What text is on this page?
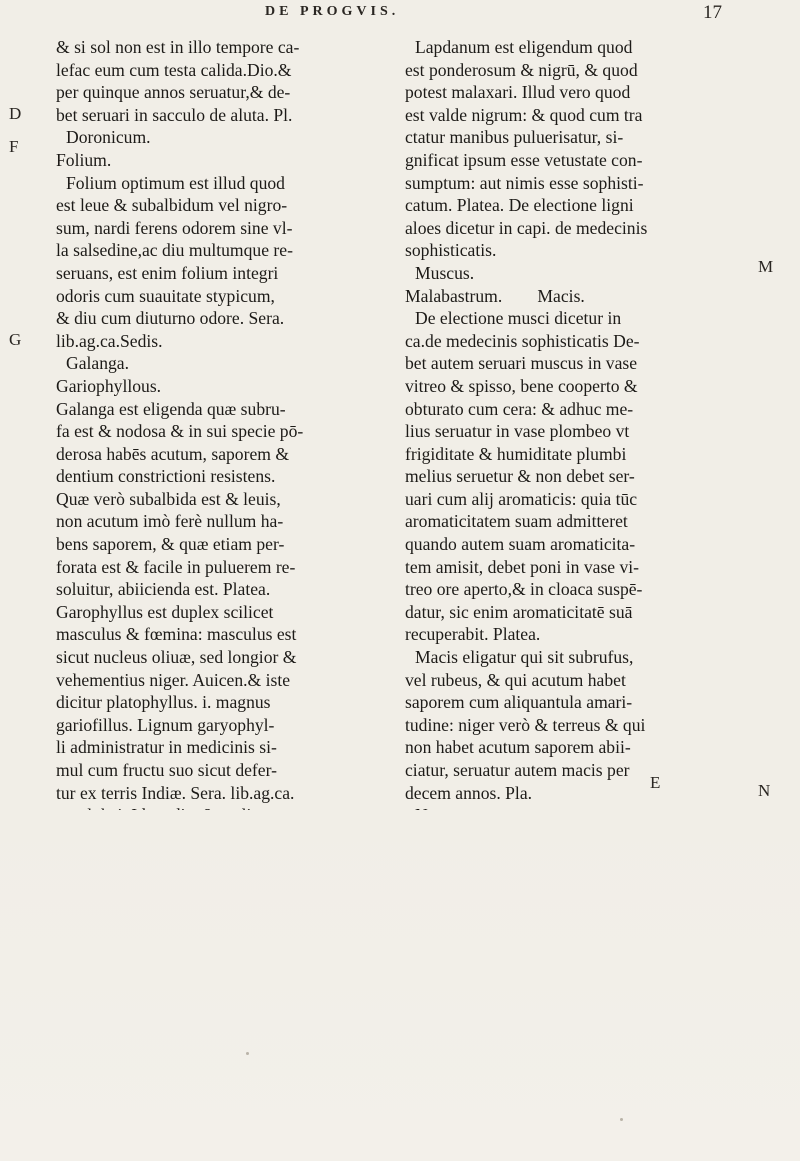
DE PROGVIS.	17
D
F
G
M
N
& si sol non est in illo tempore ca-
lefac eum cum testa calida.Dio.&
per quinque annos seruatur,& de-
bet seruari in sacculo de aluta. Pl.
Doronicum.
Folium.
Folium optimum est illud quod
est leue & subalbidum vel nigro-
sum, nardi ferens odorem sine vl-
la salsedine,ac diu multumque re-
seruans, est enim folium integri
odoris cum suauitate stypicum,
& diu cum diuturno odore. Sera.
lib.ag.ca.Sedis.
Galanga.
Gariophyllous.
Galanga est eligenda quæ subru-
fa est & nodosa & in sui specie pō-
derosa habēs acutum, saporem &
dentium constrictioni resistens.
Quæ verò subalbida est & leuis,
non acutum imò ferè nullum ha-
bens saporem, & quæ etiam per-
forata est & facile in puluerem re-
soluitur, abiicienda est. Platea.
Garophyllus est duplex scilicet
masculus & fœmina: masculus est
sicut nucleus oliuæ, sed longior &
vehementius niger. Auicen.& iste
dicitur platophyllus. i. magnus
gariofillus. Lignum garyophyl-
li administratur in medicinis si-
mul cum fructu suo sicut defer-
tur ex terris Indiæ. Sera. lib.ag.ca.
Lapdanum est eligendum quod
est ponderosum & nigrū, & quod
potest malaxari. Illud vero quod
est valde nigrum: & quod cum tra
ctatur manibus puluerisatur, si-
gnificat ipsum esse vetustate con-
sumptum: aut nimis esse sophisti-
catum. Platea. De electione ligni
aloes dicetur in capi. de medecinis
sophisticatis.
Muscus.
Malabastrum.        Macis.
De electione musci dicetur in
ca.de medecinis sophisticatis De-
bet autem seruari muscus in vase
vitreo & spisso, bene cooperto &
obturato cum cera: & adhuc me-
lius seruatur in vase plombeo vt
frigiditate & humiditate plumbi
melius seruetur & non debet ser-
uari cum alij aromaticis: quia tūc
aromaticitatem suam admitteret
quando autem suam aromaticita-
tem amisit, debet poni in vase vi-
treo ore aperto,& in cloaca suspē-
datur, sic enim aromaticitatē suā
recuperabit. Platea.
Macis eligatur qui sit subrufus,
vel rubeus, & qui acutum habet
saporem cum aliquantula amari-
tudine: niger verò & terreus & qui
non habet acutum saporem abii-
ciatur, seruatur autem macis per
decem annos. Pla.
E
